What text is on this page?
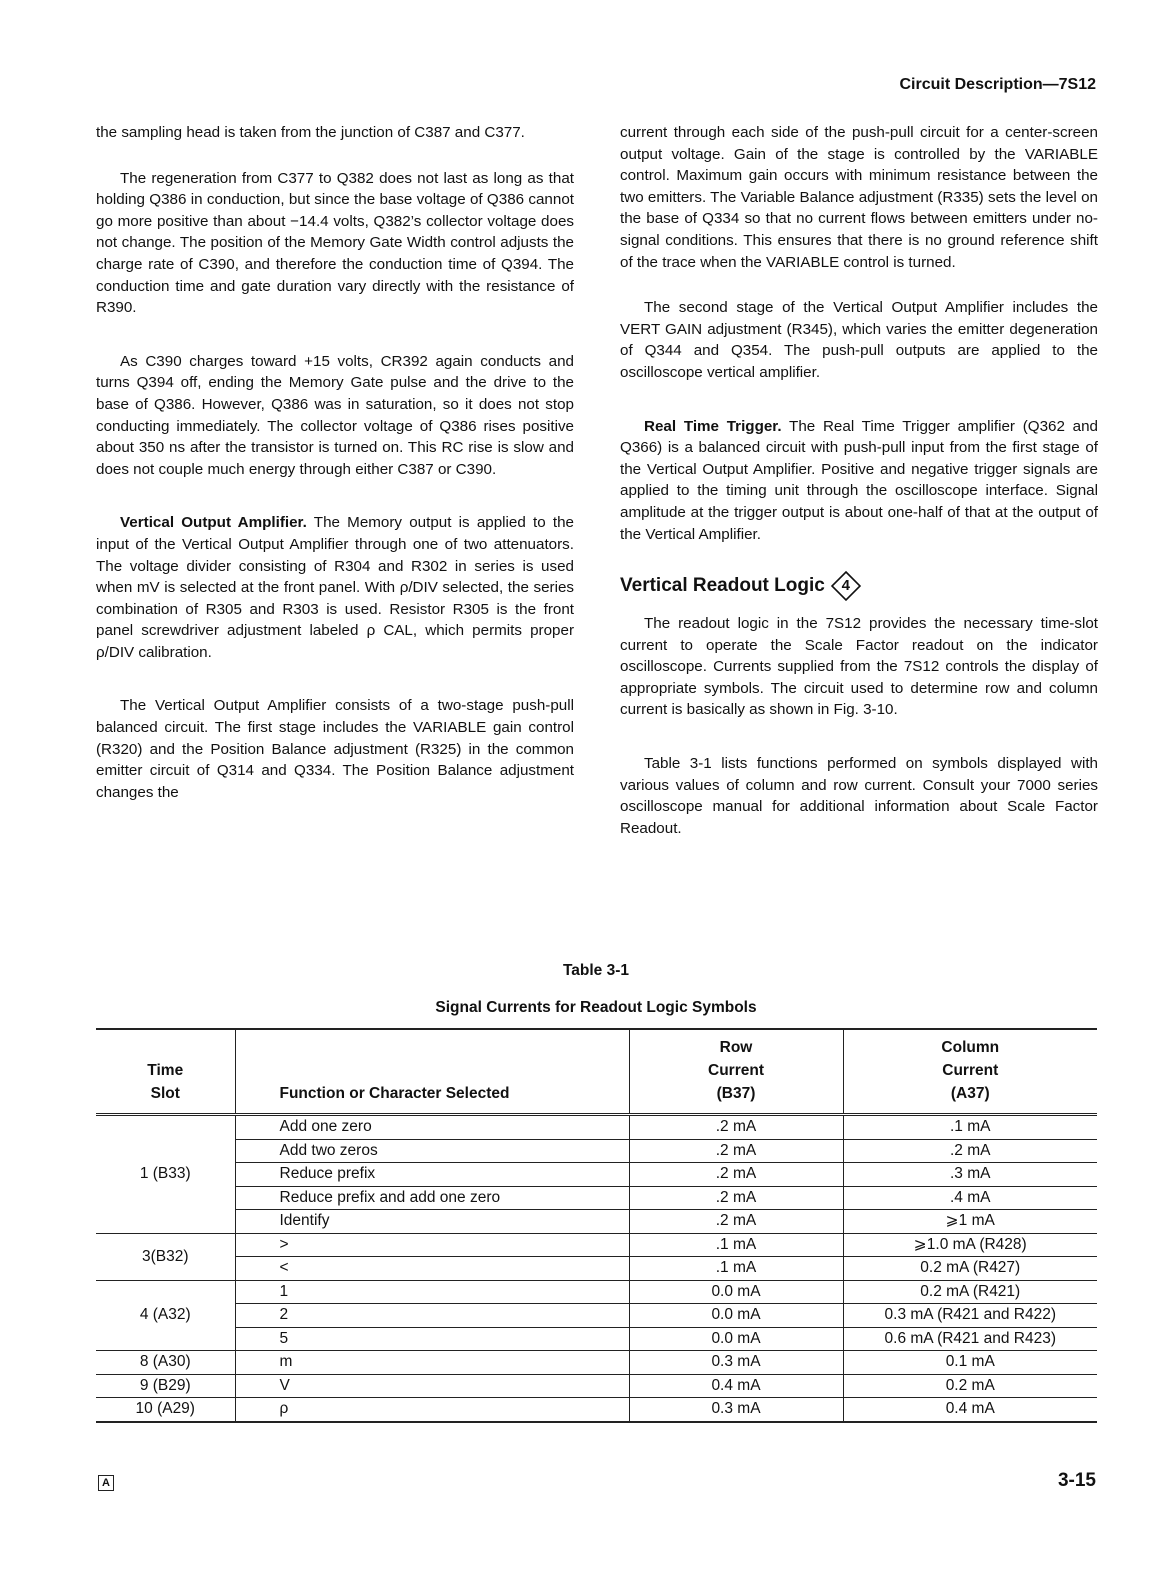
Circuit Description—7S12

the sampling head is taken from the junction of C387 and C377.

The regeneration from C377 to Q382 does not last as long as that holding Q386 in conduction, but since the base voltage of Q386 cannot go more positive than about −14.4 volts, Q382’s collector voltage does not change. The position of the Memory Gate Width control adjusts the charge rate of C390, and therefore the conduction time of Q394. The conduction time and gate duration vary directly with the resistance of R390.

As C390 charges toward +15 volts, CR392 again conducts and turns Q394 off, ending the Memory Gate pulse and the drive to the base of Q386. However, Q386 was in saturation, so it does not stop conducting immediately. The collector voltage of Q386 rises positive about 350 ns after the transistor is turned on. This RC rise is slow and does not couple much energy through either C387 or C390.

Vertical Output Amplifier. The Memory output is applied to the input of the Vertical Output Amplifier through one of two attenuators. The voltage divider consisting of R304 and R302 in series is used when mV is selected at the front panel. With ρ/DIV selected, the series combination of R305 and R303 is used. Resistor R305 is the front panel screwdriver adjustment labeled ρ CAL, which permits proper ρ/DIV calibration.

The Vertical Output Amplifier consists of a two-stage push-pull balanced circuit. The first stage includes the VARIABLE gain control (R320) and the Position Balance adjustment (R325) in the common emitter circuit of Q314 and Q334. The Position Balance adjustment changes the

current through each side of the push-pull circuit for a center-screen output voltage. Gain of the stage is controlled by the VARIABLE control. Maximum gain occurs with minimum resistance between the two emitters. The Variable Balance adjustment (R335) sets the level on the base of Q334 so that no current flows between emitters under no-signal conditions. This ensures that there is no ground reference shift of the trace when the VARIABLE control is turned.

The second stage of the Vertical Output Amplifier includes the VERT GAIN adjustment (R345), which varies the emitter degeneration of Q344 and Q354. The push-pull outputs are applied to the oscilloscope vertical amplifier.

Real Time Trigger. The Real Time Trigger amplifier (Q362 and Q366) is a balanced circuit with push-pull input from the first stage of the Vertical Output Amplifier. Positive and negative trigger signals are applied to the timing unit through the oscilloscope interface. Signal amplitude at the trigger output is about one-half of that at the output of the Vertical Amplifier.

Vertical Readout Logic 4

The readout logic in the 7S12 provides the necessary time-slot current to operate the Scale Factor readout on the indicator oscilloscope. Currents supplied from the 7S12 controls the display of appropriate symbols. The circuit used to determine row and column current is basically as shown in Fig. 3-10.

Table 3-1 lists functions performed on symbols displayed with various values of column and row current. Consult your 7000 series oscilloscope manual for additional information about Scale Factor Readout.

Table 3-1
Signal Currents for Readout Logic Symbols
Time
Slot	Function or Character Selected	Row
Current
(B37)	Column
Current
(A37)
1 (B33)	Add one zero	.2 mA	.1 mA
	Add two zeros	.2 mA	.2 mA
	Reduce prefix	.2 mA	.3 mA
	Reduce prefix and add one zero	.2 mA	.4 mA
	Identify	.2 mA	⩾1 mA
3(B32)	>	.1 mA	⩾1.0 mA (R428)
	<	.1 mA	0.2 mA (R427)
4 (A32)	1	0.0 mA	0.2 mA (R421)
	2	0.0 mA	0.3 mA (R421 and R422)
	5	0.0 mA	0.6 mA (R421 and R423)
8 (A30)	m	0.3 mA	0.1 mA
9 (B29)	V	0.4 mA	0.2 mA
10 (A29)	ρ	0.3 mA	0.4 mA
A	3-15
